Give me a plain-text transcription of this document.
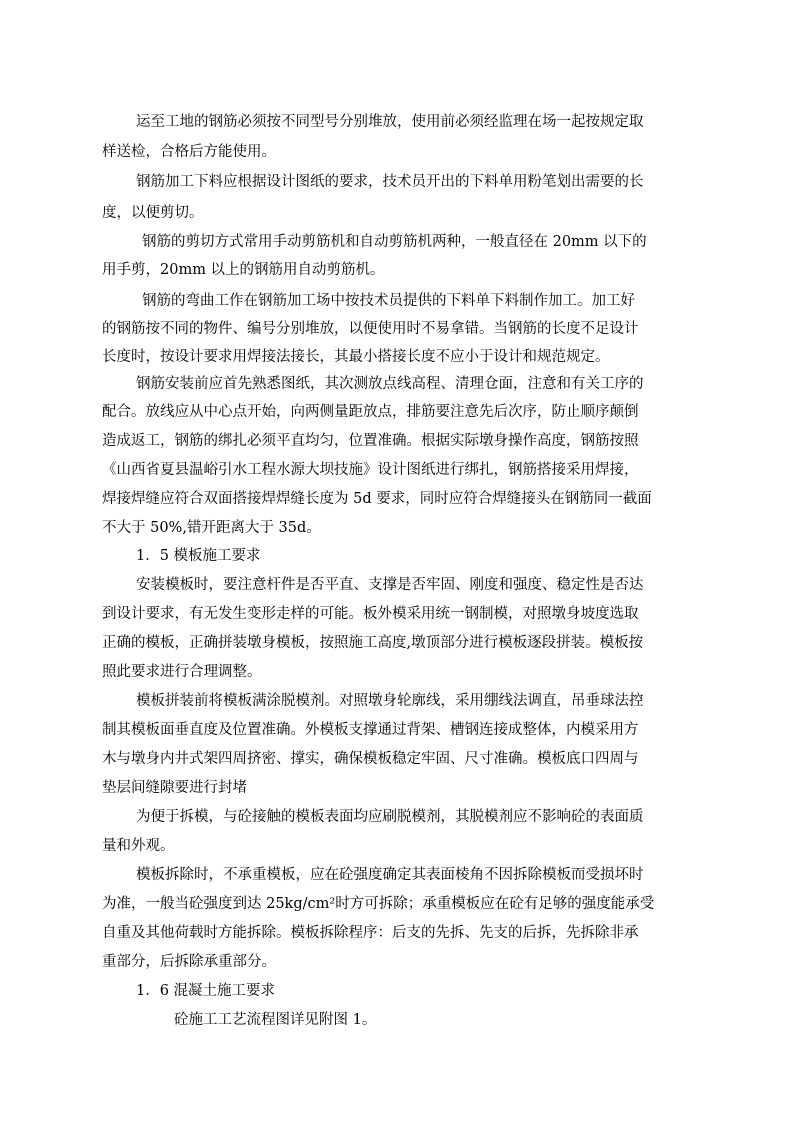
运至工地的钢筋必须按不同型号分别堆放，使用前必须经监理在场一起按规定取
样送检，合格后方能使用。
钢筋加工下料应根据设计图纸的要求，技术员开出的下料单用粉笔划出需要的长
度，以便剪切。
钢筋的剪切方式常用手动剪筋机和自动剪筋机两种，一般直径在 20mm 以下的
用手剪，20mm 以上的钢筋用自动剪筋机。
钢筋的弯曲工作在钢筋加工场中按技术员提供的下料单下料制作加工。加工好
的钢筋按不同的物件、编号分别堆放，以便使用时不易拿错。当钢筋的长度不足设计
长度时，按设计要求用焊接法接长，其最小搭接长度不应小于设计和规范规定。
钢筋安装前应首先熟悉图纸，其次测放点线高程、清理仓面，注意和有关工序的
配合。放线应从中心点开始，向两侧量距放点，排筋要注意先后次序，防止顺序颠倒
造成返工，钢筋的绑扎必须平直均匀，位置准确。根据实际墩身操作高度，钢筋按照
《山西省夏县温峪引水工程水源大坝技施》设计图纸进行绑扎，钢筋搭接采用焊接，
焊接焊缝应符合双面搭接焊焊缝长度为 5d 要求，同时应符合焊缝接头在钢筋同一截面
不大于 50%,错开距离大于 35d。
1．5 模板施工要求
安装模板时，要注意杆件是否平直、支撑是否牢固、刚度和强度、稳定性是否达
到设计要求，有无发生变形走样的可能。板外模采用统一钢制模，对照墩身坡度选取
正确的模板，正确拼装墩身模板，按照施工高度,墩顶部分进行模板逐段拼装。模板按
照此要求进行合理调整。
模板拼装前将模板满涂脱模剂。对照墩身轮廓线，采用绷线法调直，吊垂球法控
制其模板面垂直度及位置准确。外模板支撑通过背架、槽钢连接成整体，内模采用方
木与墩身内井式架四周挤密、撑实，确保模板稳定牢固、尺寸准确。模板底口四周与
垫层间缝隙要进行封堵
为便于拆模，与砼接触的模板表面均应刷脱模剂，其脱模剂应不影响砼的表面质
量和外观。
模板拆除时，不承重模板，应在砼强度确定其表面棱角不因拆除模板而受损坏时
为准，一般当砼强度到达 25kg/cm²时方可拆除；承重模板应在砼有足够的强度能承受
自重及其他荷载时方能拆除。模板拆除程序：后支的先拆、先支的后拆，先拆除非承
重部分，后拆除承重部分。
1．6 混凝土施工要求
砼施工工艺流程图详见附图 1。
